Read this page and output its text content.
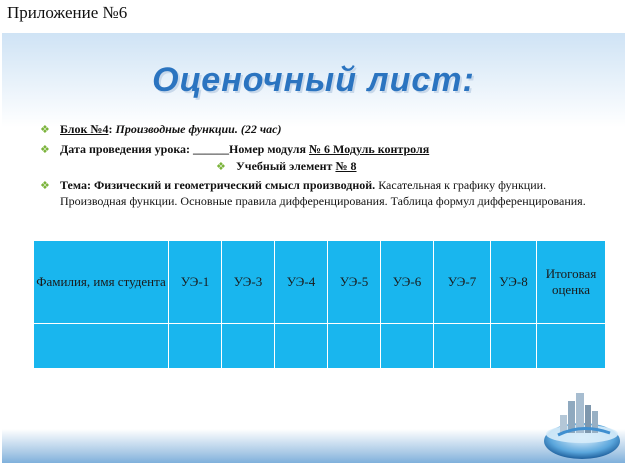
Приложение №6
Оценочный лист:
❖ Блок №4: Производные функции. (22 час)
❖ Дата проведения урока: ______Номер модуля № 6 Модуль контроля
❖ Учебный элемент № 8
❖ Тема: Физический и геометрический смысл производной. Касательная к графику функции. Производная функции. Основные правила дифференцирования. Таблица формул дифференцирования.
Фамилия, имя студента	УЭ-1	УЭ-3	УЭ-4	УЭ-5	УЭ-6	УЭ-7	УЭ-8	Итоговая оценка
